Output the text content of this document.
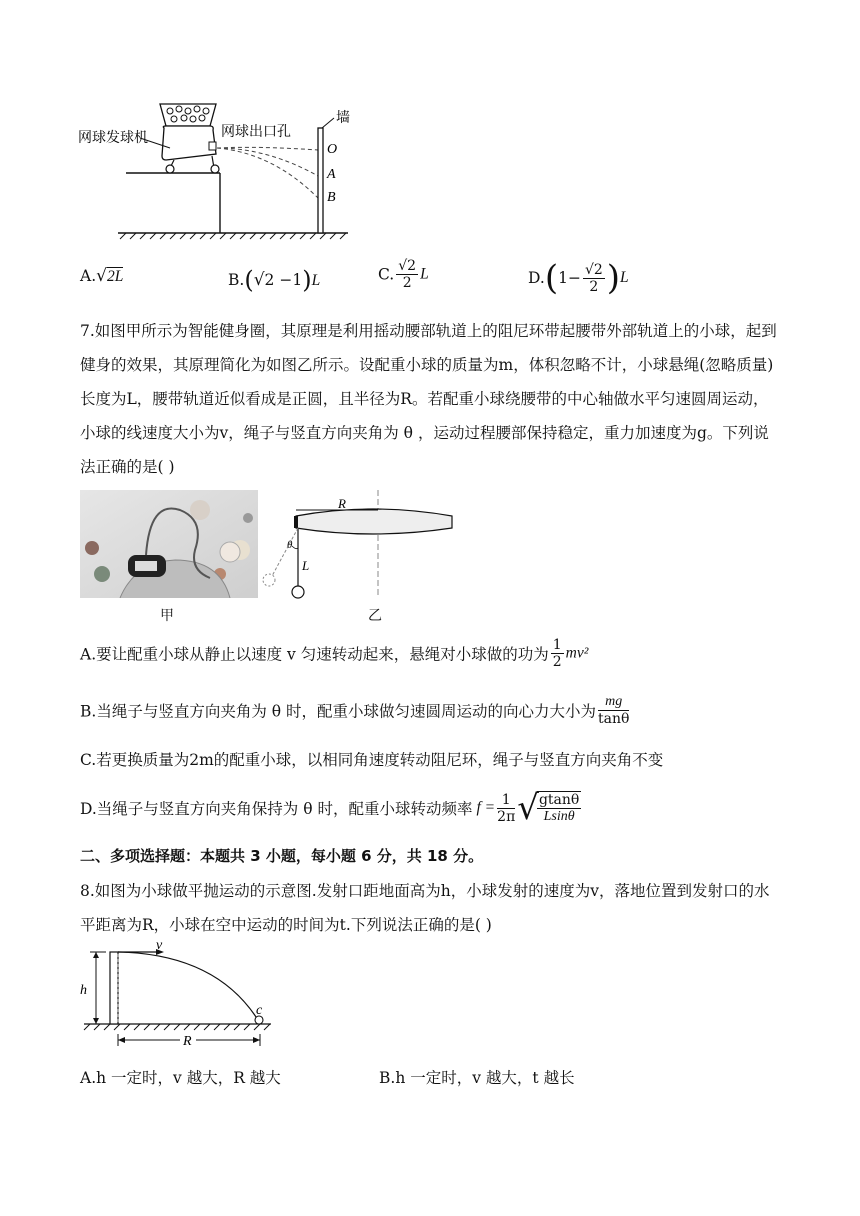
网球发球机	网球出口孔
墙
O
A
B
A.√2L	B.(√2 −1)L	C. $\frac{√2}{2}$ L	$D.(1- \frac{√2}{2} )L$
7.如图甲所示为智能健身圈，其原理是利用摇动腰部轨道上的阻尼环带起腰带外部轨道上的小球，起到健身的效果，其原理简化为如图乙所示。设配重小球的质量为m，体积忽略不计，小球悬绳(忽略质量)长度为L，腰带轨道近似看成是正圆，且半径为R。若配重小球绕腰带的中心轴做水平匀速圆周运动，小球的线速度大小为v，绳子与竖直方向夹角为 θ ，运动过程腰部保持稳定，重力加速度为g。下列说法正确的是( )
甲
R
θ
L
乙
A.要让配重小球从静止以速度 v 匀速转动起来，悬绳对小球做的功为 $\frac{1}{2} mv^2$
B.当绳子与竖直方向夹角为 θ 时，配重小球做匀速圆周运动的向心力大小为 $\frac{mg}{\tan\theta}$
C.若更换质量为2m的配重小球，以相同角速度转动阻尼环，绳子与竖直方向夹角不变
D.当绳子与竖直方向夹角保持为 θ 时，配重小球转动频率 $f = \frac{1}{2\pi}$ √
$\frac{gtan\theta}{Lsin\theta}$
二、多项选择题：本题共 3 小题，每小题 6 分，共 18 分。
8.如图为小球做平抛运动的示意图.发射口距地面高为h，小球发射的速度为v，落地位置到发射口的水平距离为R，小球在空中运动的时间为t.下列说法正确的是( )
v
h
c
R
A.h 一定时，v 越大，R 越大	B.h 一定时，v 越大，t 越长
